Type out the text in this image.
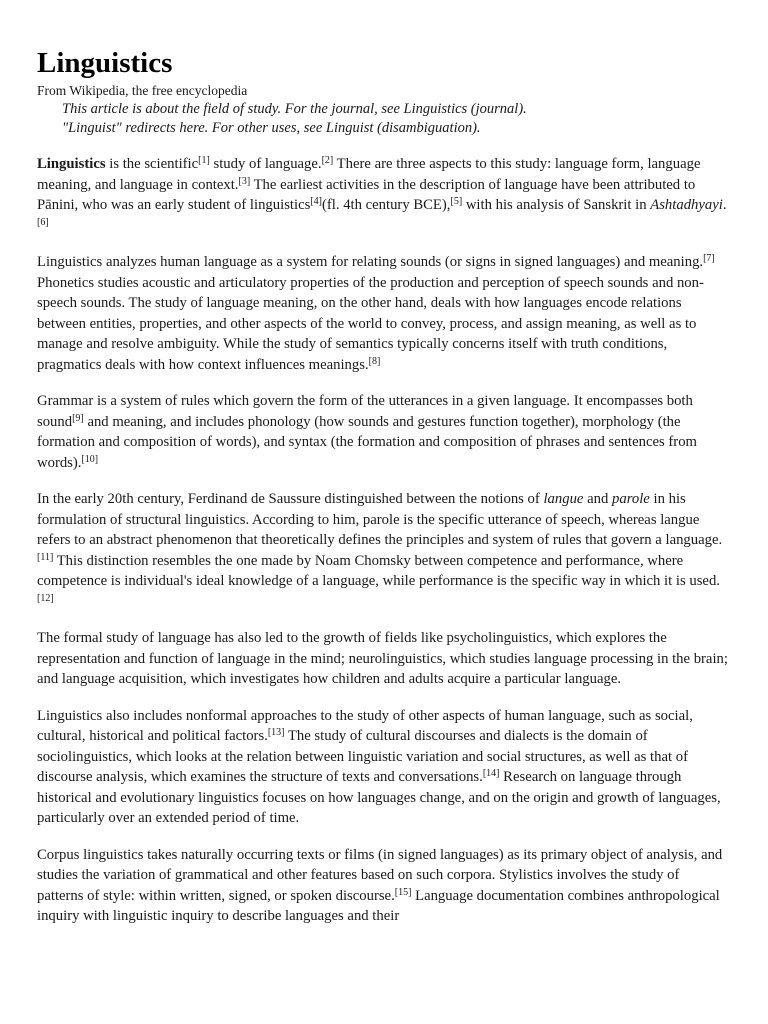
Linguistics
From Wikipedia, the free encyclopedia
This article is about the field of study. For the journal, see Linguistics (journal).
"Linguist" redirects here. For other uses, see Linguist (disambiguation).

Linguistics is the scientific[1] study of language.[2] There are three aspects to this study: language form, language meaning, and language in context.[3] The earliest activities in the description of language have been attributed to Pānini, who was an early student of linguistics[4](fl. 4th century BCE),[5] with his analysis of Sanskrit in Ashtadhyayi.[6]

Linguistics analyzes human language as a system for relating sounds (or signs in signed languages) and meaning.[7] Phonetics studies acoustic and articulatory properties of the production and perception of speech sounds and non-speech sounds. The study of language meaning, on the other hand, deals with how languages encode relations between entities, properties, and other aspects of the world to convey, process, and assign meaning, as well as to manage and resolve ambiguity. While the study of semantics typically concerns itself with truth conditions, pragmatics deals with how context influences meanings.[8]

Grammar is a system of rules which govern the form of the utterances in a given language. It encompasses both sound[9] and meaning, and includes phonology (how sounds and gestures function together), morphology (the formation and composition of words), and syntax (the formation and composition of phrases and sentences from words).[10]

In the early 20th century, Ferdinand de Saussure distinguished between the notions of langue and parole in his formulation of structural linguistics. According to him, parole is the specific utterance of speech, whereas langue refers to an abstract phenomenon that theoretically defines the principles and system of rules that govern a language.[11] This distinction resembles the one made by Noam Chomsky between competence and performance, where competence is individual's ideal knowledge of a language, while performance is the specific way in which it is used.[12]

The formal study of language has also led to the growth of fields like psycholinguistics, which explores the representation and function of language in the mind; neurolinguistics, which studies language processing in the brain; and language acquisition, which investigates how children and adults acquire a particular language.

Linguistics also includes nonformal approaches to the study of other aspects of human language, such as social, cultural, historical and political factors.[13] The study of cultural discourses and dialects is the domain of sociolinguistics, which looks at the relation between linguistic variation and social structures, as well as that of discourse analysis, which examines the structure of texts and conversations.[14] Research on language through historical and evolutionary linguistics focuses on how languages change, and on the origin and growth of languages, particularly over an extended period of time.

Corpus linguistics takes naturally occurring texts or films (in signed languages) as its primary object of analysis, and studies the variation of grammatical and other features based on such corpora. Stylistics involves the study of patterns of style: within written, signed, or spoken discourse.[15] Language documentation combines anthropological inquiry with linguistic inquiry to describe languages and their
